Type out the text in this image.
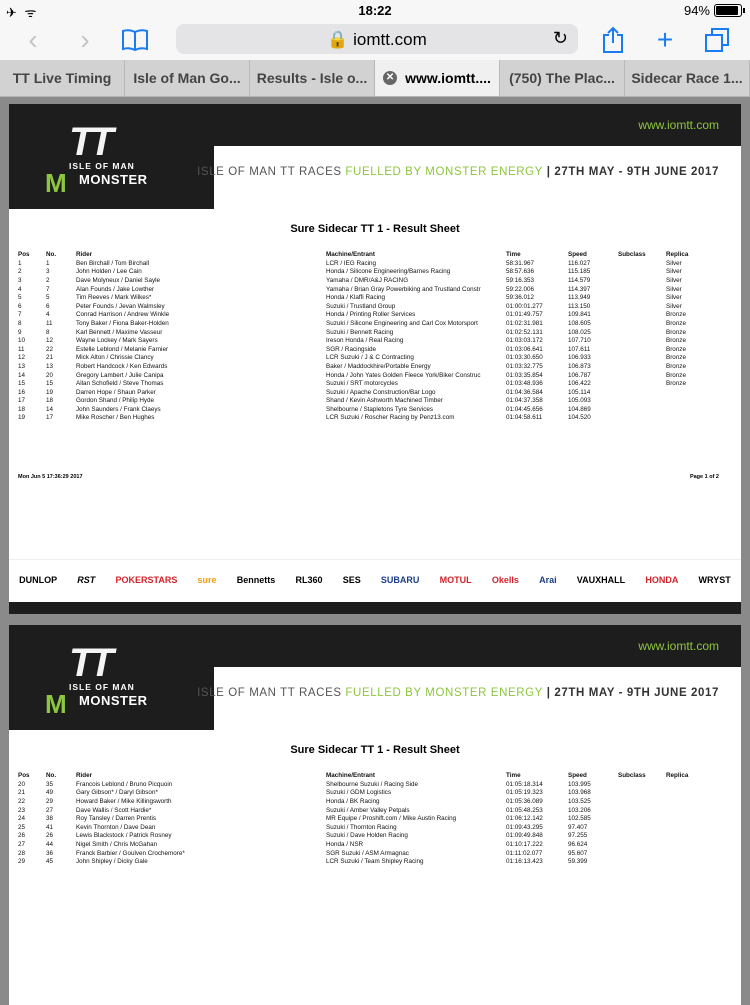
✈ ᯤ	18:22	94%
‹	›	🔒 iomtt.com	↻	+
TT Live Timing	Isle of Man Go...	Results - Isle o...	✕ www.iomtt....	(750) The Plac...	Sidecar Race 1...
TT
ISLE OF MAN
M MONSTER
www.iomtt.com
ISLE OF MAN TT RACES FUELLED BY MONSTER ENERGY | 27TH MAY - 9TH JUNE 2017
Sure Sidecar TT 1 - Result Sheet
Pos	No.	Rider	Machine/Entrant	Time	Speed	Subclass	Replica
1	1	Ben Birchall / Tom Birchall	LCR / IEG Racing	58:31.967	116.027		Silver
2	3	John Holden / Lee Cain	Honda / Silicone Engineering/Barnes Racing	58:57.636	115.185		Silver
3	2	Dave Molyneux / Daniel Sayle	Yamaha / DMR/A&J RACING	59:16.353	114.579		Silver
4	7	Alan Founds / Jake Lowther	Yamaha / Brian Gray Powerbiking and Trustland Constr	59:22.006	114.397		Silver
5	5	Tim Reeves / Mark Wilkes*	Honda / Klaffi Racing	59:36.012	113.949		Silver
6	6	Peter Founds / Jevan Walmsley	Suzuki / Trustland Group	01:00:01.277	113.150		Silver
7	4	Conrad Harrison / Andrew Winkle	Honda / Printing Roller Services	01:01:49.757	109.841		Bronze
8	11	Tony Baker / Fiona Baker-Holden	Suzuki / Silicone Engineering and Carl Cox Motorsport	01:02:31.981	108.605		Bronze
9	8	Karl Bennett / Maxime Vasseur	Suzuki / Bennett Racing	01:02:52.131	108.025		Bronze
10	12	Wayne Lockey / Mark Sayers	Ireson Honda / Real Racing	01:03:03.172	107.710		Bronze
11	22	Estelle Leblond / Melanie Farnier	SGR / Racingside	01:03:06.641	107.611		Bronze
12	21	Mick Alton / Chrissie Clancy	LCR Suzuki / J & C Contracting	01:03:30.650	106.933		Bronze
13	13	Robert Handcock / Ken Edwards	Baker / Maddockhire/Portable Energy	01:03:32.775	106.873		Bronze
14	20	Gregory Lambert / Julie Canipa	Honda / John Yates Golden Fleece York/Biker Construc	01:03:35.854	106.787		Bronze
15	15	Allan Schofield / Steve Thomas	Suzuki / SRT motorcycles	01:03:48.936	106.422		Bronze
16	19	Darren Hope / Shaun Parker	Suzuki / Apache Construction/Bar Logo	01:04:36.584	105.114		
17	18	Gordon Shand / Philip Hyde	Shand / Kevin Ashworth Machined Timber	01:04:37.358	105.093		
18	14	John Saunders / Frank Claeys	Shelbourne / Stapletons Tyre Services	01:04:45.656	104.869		
19	17	Mike Roscher / Ben Hughes	LCR Suzuki / Roscher Racing by Penz13.com	01:04:58.611	104.520		
Mon Jun 5 17:36:29 2017	Page 1 of 2
DUNLOP RST POKERSTARS sure Bennetts RL360 SES SUBARU MOTUL Okells Arai VAUXHALL HONDA WRYST
TT
ISLE OF MAN
M MONSTER
www.iomtt.com
ISLE OF MAN TT RACES FUELLED BY MONSTER ENERGY | 27TH MAY - 9TH JUNE 2017
Sure Sidecar TT 1 - Result Sheet
Pos	No.	Rider	Machine/Entrant	Time	Speed	Subclass	Replica
20	35	Francois Leblond / Bruno Picquoin	Shelbourne Suzuki / Racing Side	01:05:18.314	103.995		
21	49	Gary Gibson* / Daryl Gibson*	Suzuki / GDM Logistics	01:05:19.323	103.968		
22	29	Howard Baker / Mike Killingsworth	Honda / BK Racing	01:05:36.089	103.525		
23	27	Dave Wallis / Scott Hardie*	Suzuki / Amber Valley Petpals	01:05:48.253	103.206		
24	38	Roy Tansley / Darren Prentis	MR Equipe / Proshift.com / Mike Austin Racing	01:06:12.142	102.585		
25	41	Kevin Thornton / Dave Dean	Suzuki / Thornton Racing	01:09:43.295	97.407		
26	26	Lewis Blackstock / Patrick Rosney	Suzuki / Dave Holden Racing	01:09:49.848	97.255		
27	44	Nigel Smith / Chris McGahan	Honda / NSR	01:10:17.222	96.624		
28	36	Franck Barbier / Goulven Crochemore*	SGR Suzuki / ASM Armagnac	01:11:02.077	95.607		
29	45	John Shipley / Dicky Gale	LCR Suzuki / Team Shipley Racing	01:16:13.423	59.399		
